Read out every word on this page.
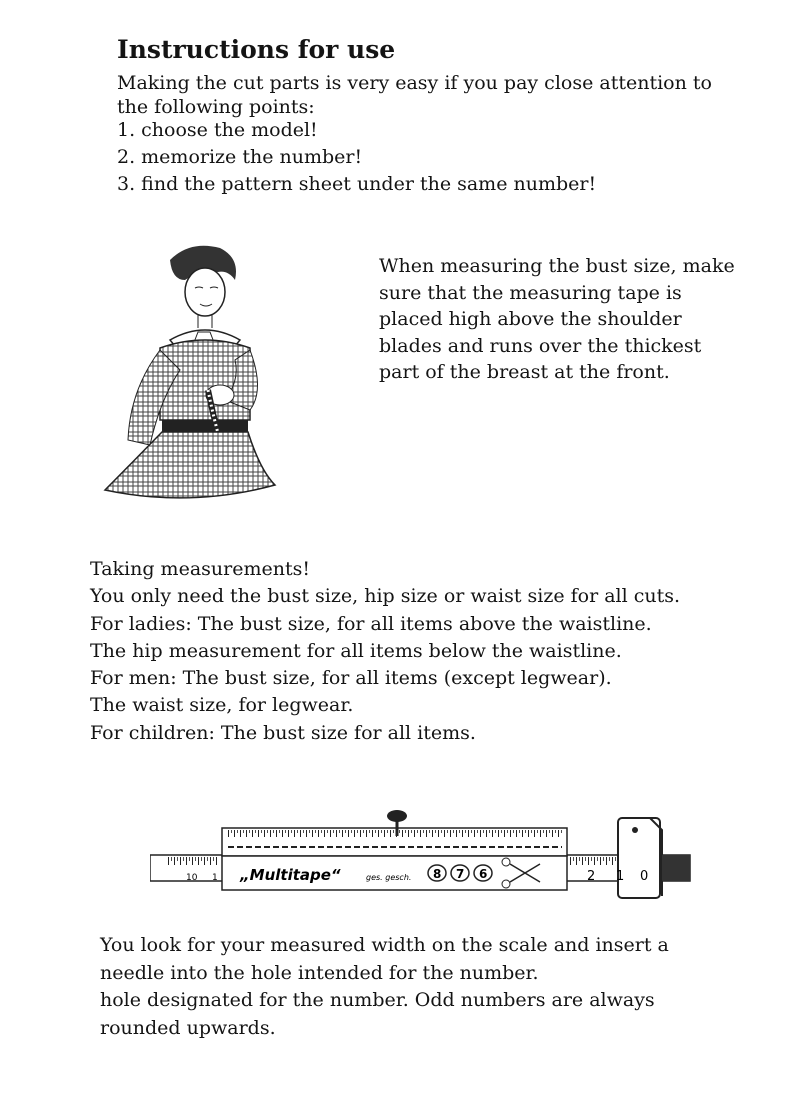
Instructions for use

Making the cut parts is very easy if you pay close attention to the following points:

1. choose the model!
2. memorize the number!
3. find the pattern sheet under the same number!

When measuring the bust size, make sure that the measuring tape is placed high above the shoulder blades and runs over the thickest part of the breast at the front.

Taking measurements!

You only need the bust size, hip size or waist size for all cuts.

For ladies: The bust size, for all items above the waistline.

The hip measurement for all items below the waistline.

For men: The bust size, for all items (except legwear).

The waist size, for legwear.

For children: The bust size for all items.

10 1 „Multitape“	ges. gesch. 8 7 6	2 1 0

You look for your measured width on the scale and insert a

needle into the hole intended for the number.

hole designated for the number. Odd numbers are always

rounded upwards.
